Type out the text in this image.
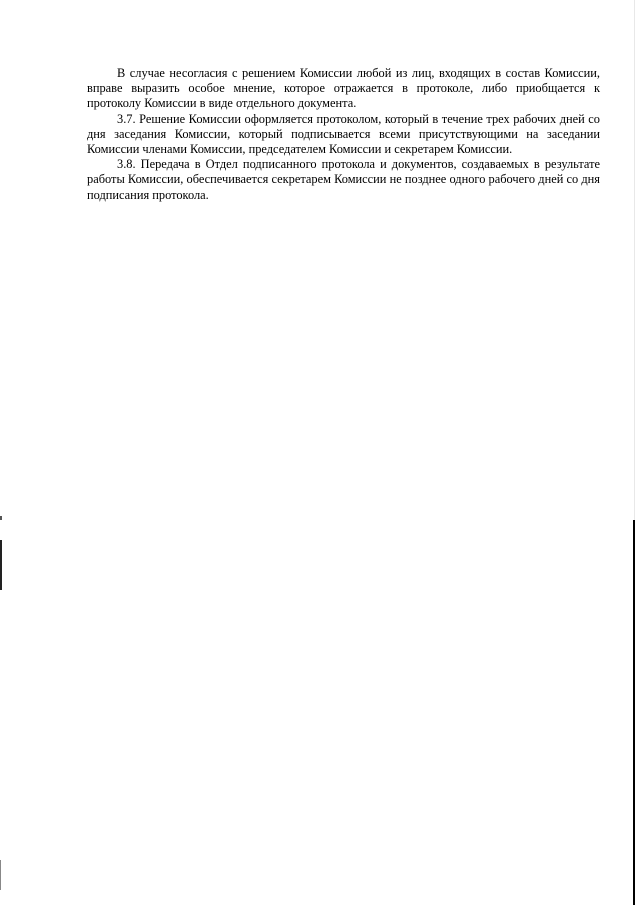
В случае несогласия с решением Комиссии любой из лиц, входящих в состав Комиссии, вправе выразить особое мнение, которое отражается в протоколе, либо приобщается к протоколу Комиссии в виде отдельного документа.

3.7. Решение Комиссии оформляется протоколом, который в течение трех рабочих дней со дня заседания Комиссии, который подписывается всеми присутствующими на заседании Комиссии членами Комиссии, председателем Комиссии и секретарем Комиссии.

3.8. Передача в Отдел подписанного протокола и документов, создаваемых в результате работы Комиссии, обеспечивается секретарем Комиссии не позднее одного рабочего дней со дня подписания протокола.
